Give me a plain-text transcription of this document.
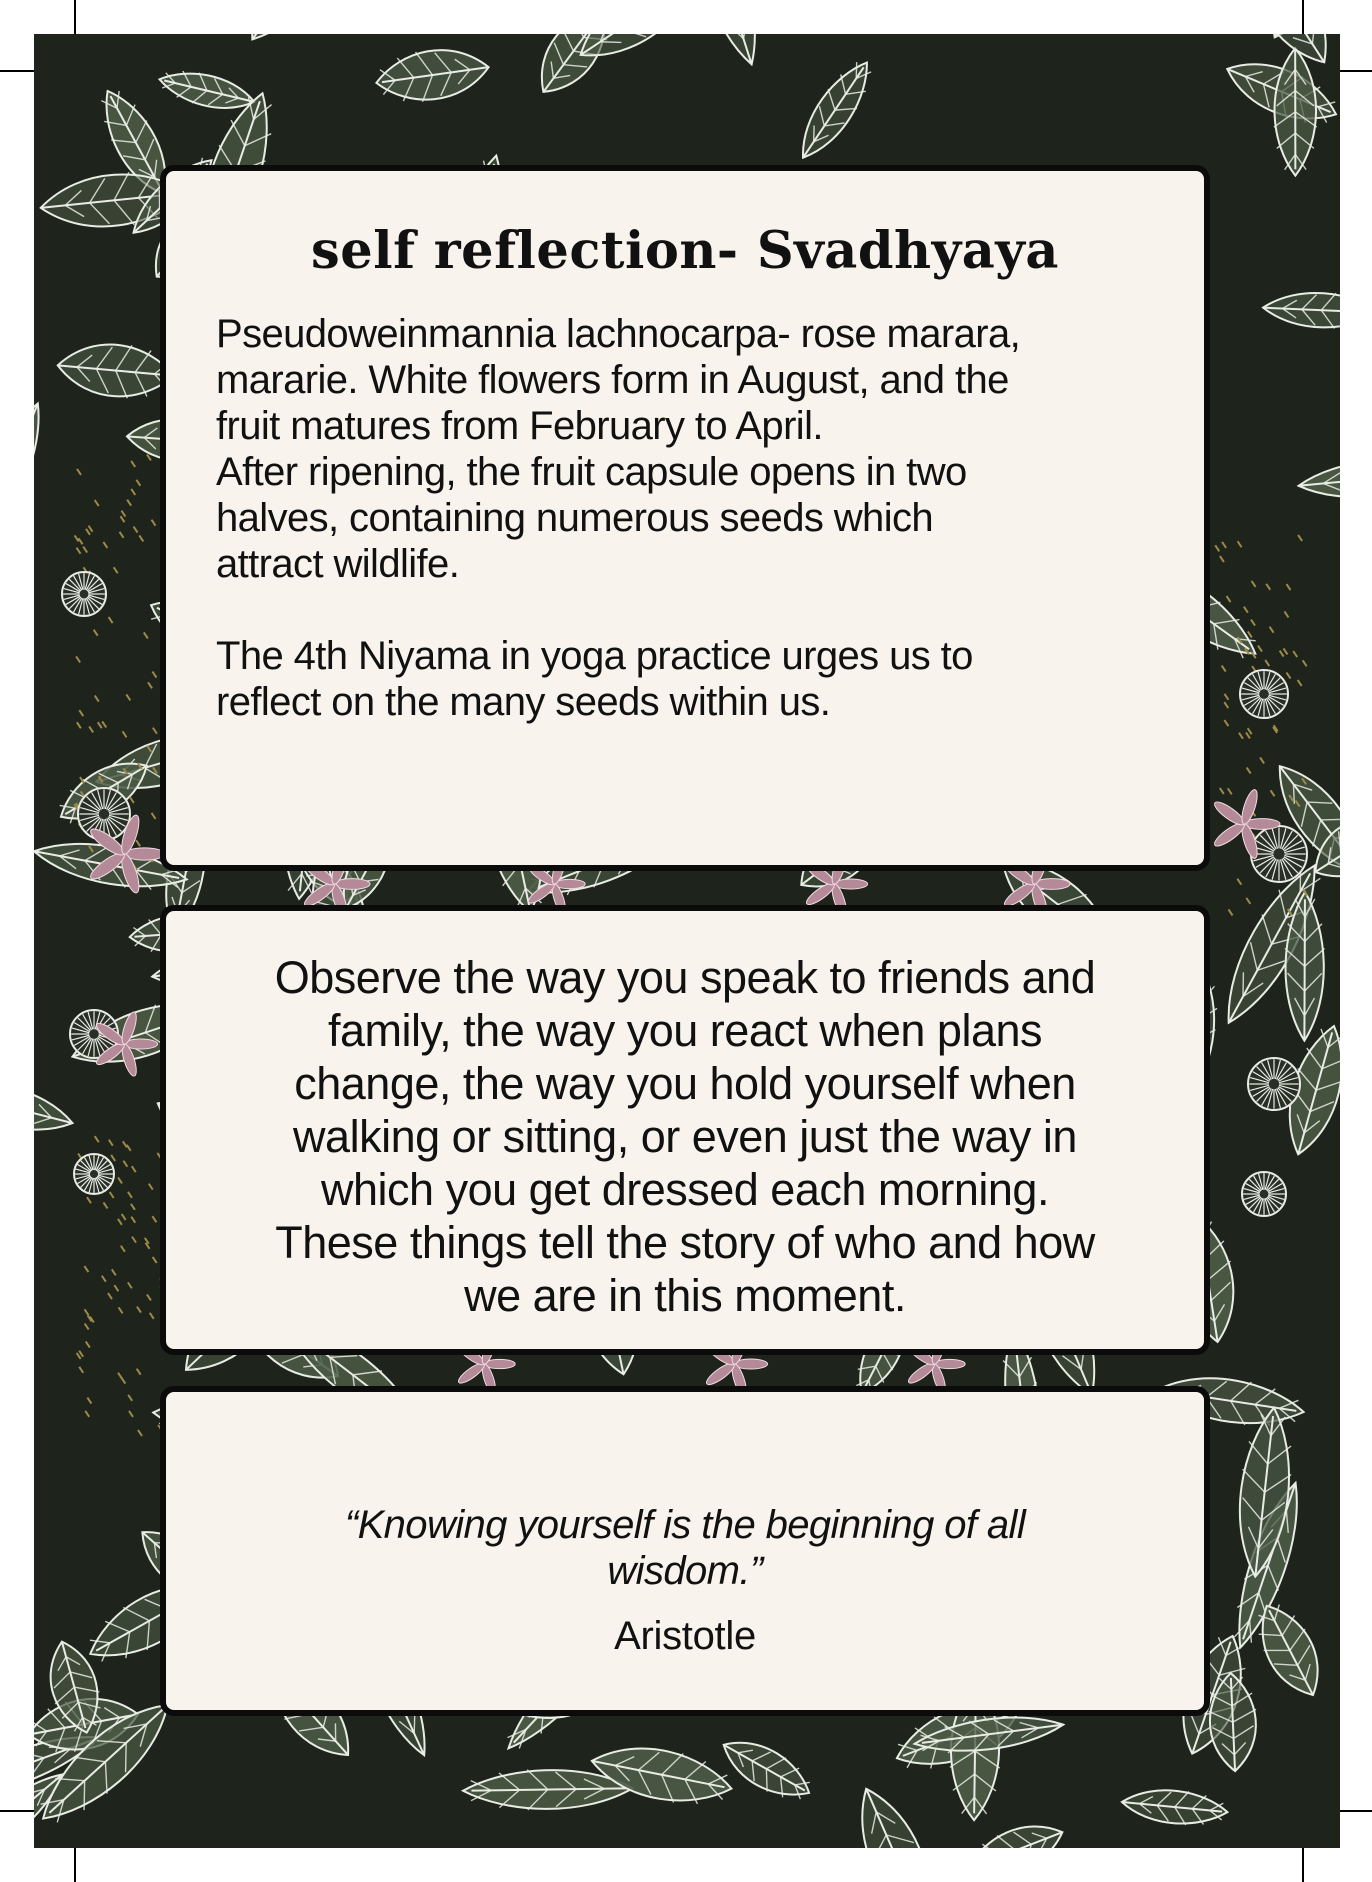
self reflection- Svadhyaya

Pseudoweinmannia lachnocarpa- rose marara,

mararie. White flowers form in August, and the

fruit matures from February to April.

After ripening, the fruit capsule opens in two

halves, containing numerous seeds which

attract wildlife.

The 4th Niyama in yoga practice urges us to

reflect on the many seeds within us.

Observe the way you speak to friends and
family, the way you react when plans
change, the way you hold yourself when
walking or sitting, or even just the way in
which you get dressed each morning.
These things tell the story of who and how
we are in this moment.
“Knowing yourself is the beginning of all
wisdom.”
Aristotle
